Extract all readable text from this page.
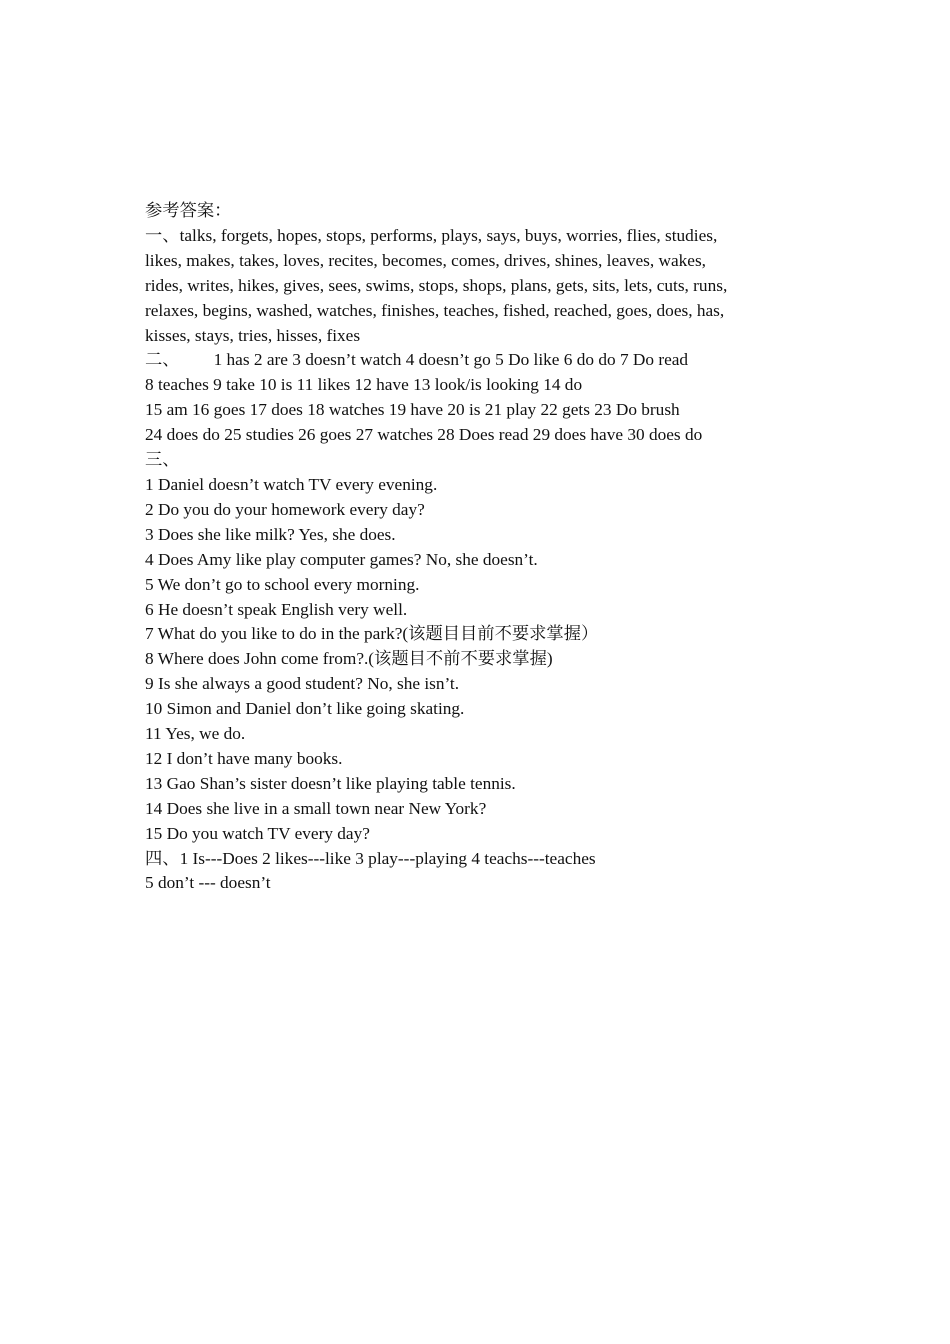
参考答案：
一、talks, forgets, hopes, stops, performs, plays, says, buys, worries, flies, studies,
likes, makes, takes, loves, recites, becomes, comes, drives, shines, leaves, wakes,
rides, writes, hikes, gives, sees, swims, stops, shops, plans, gets, sits, lets, cuts, runs,
relaxes, begins, washed, watches, finishes, teaches, fished, reached, goes, does, has,
kisses, stays, tries, hisses, fixes
二、 1 has 2 are 3 doesn’t watch 4 doesn’t go 5 Do like 6 do do 7 Do read
8 teaches 9 take 10 is 11 likes 12 have 13 look/is looking 14 do
15 am 16 goes 17 does 18 watches 19 have 20 is 21 play 22 gets 23 Do brush
24 does do 25 studies 26 goes 27 watches 28 Does read 29 does have 30 does do
三、
1 Daniel doesn’t watch TV every evening.
2 Do you do your homework every day?
3 Does she like milk? Yes, she does.
4 Does Amy like play computer games? No, she doesn’t.
5 We don’t go to school every morning.
6 He doesn’t speak English very well.
7 What do you like to do in the park?(该题目目前不要求掌握）
8 Where does John come from?.(该题目不前不要求掌握)
9 Is she always a good student? No, she isn’t.
10 Simon and Daniel don’t like going skating.
11 Yes, we do.
12 I don’t have many books.
13 Gao Shan’s sister doesn’t like playing table tennis.
14 Does she live in a small town near New York?
15 Do you watch TV every day?
四、1 Is---Does 2 likes---like 3 play---playing 4 teachs---teaches
5 don’t --- doesn’t
